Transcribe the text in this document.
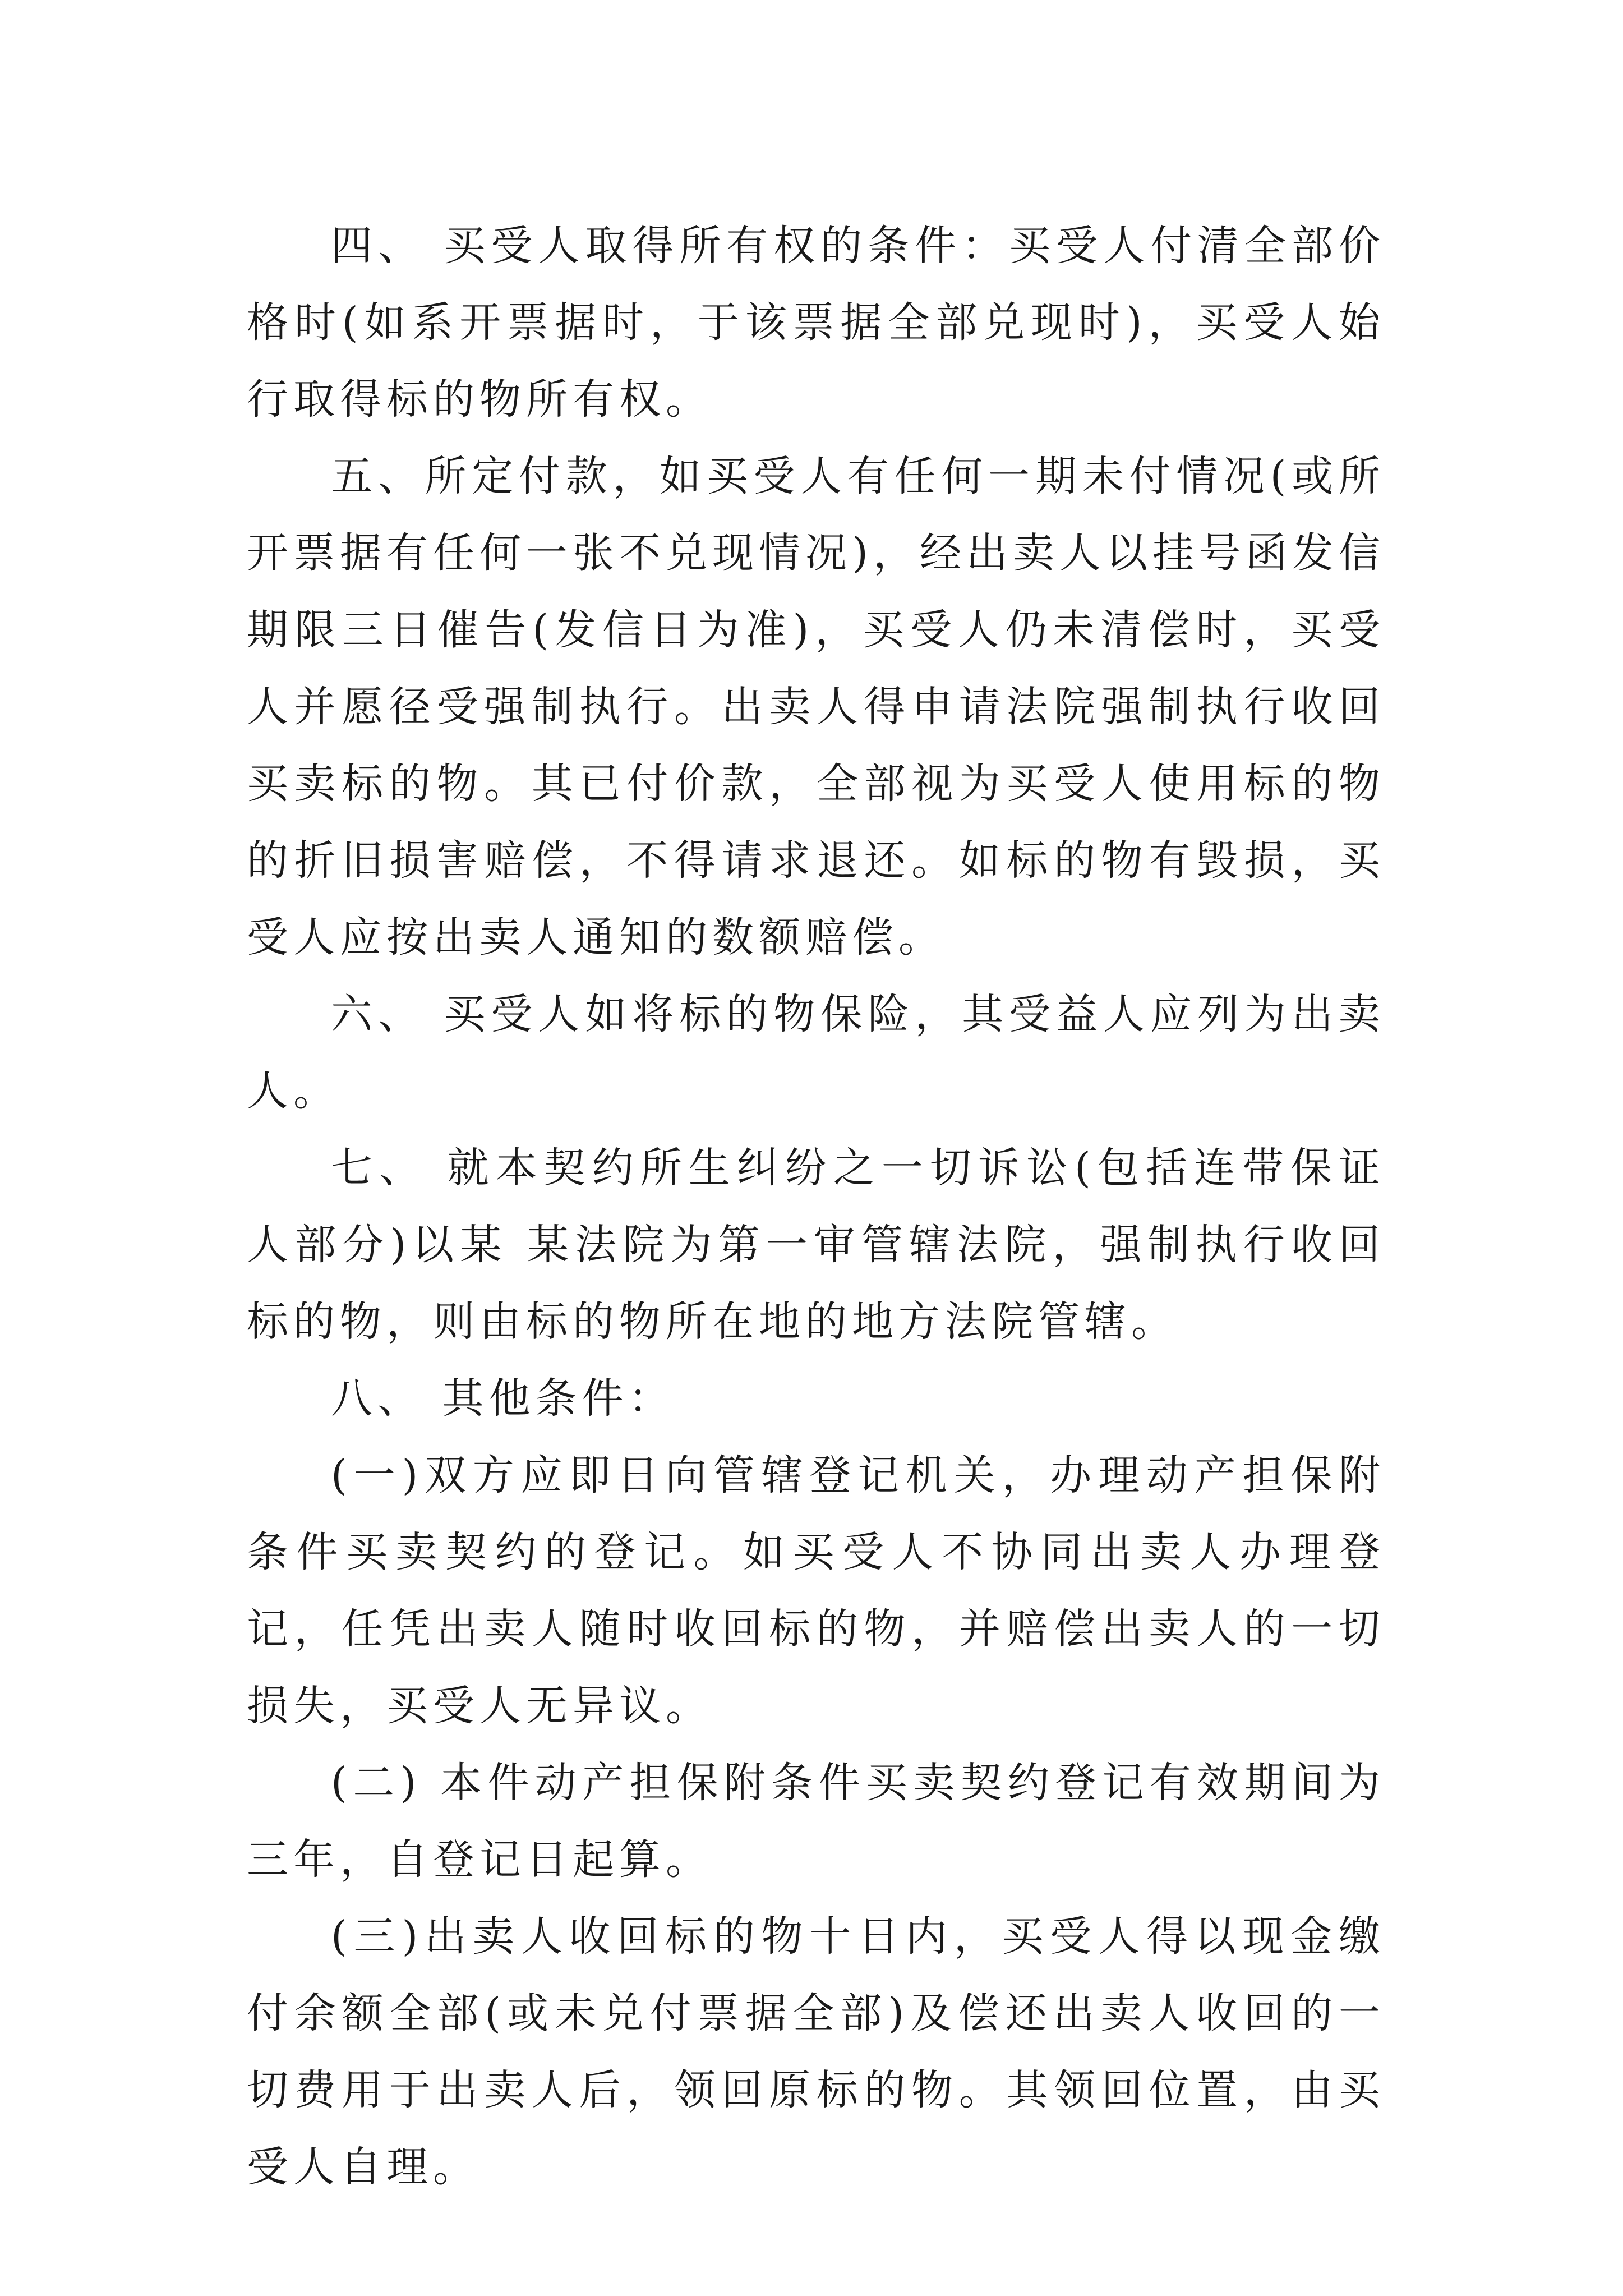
四、 买受人取得所有权的条件：买受人付清全部价格时(如系开票据时，于该票据全部兑现时)，买受人始行取得标的物所有权。

五、所定付款，如买受人有任何一期未付情况(或所开票据有任何一张不兑现情况)，经出卖人以挂号函发信期限三日催告(发信日为准)，买受人仍未清偿时，买受人并愿径受强制执行。出卖人得申请法院强制执行收回买卖标的物。其已付价款，全部视为买受人使用标的物的折旧损害赔偿，不得请求退还。如标的物有毁损，买受人应按出卖人通知的数额赔偿。

六、 买受人如将标的物保险，其受益人应列为出卖人。

七、 就本契约所生纠纷之一切诉讼(包括连带保证人部分)以某 某法院为第一审管辖法院，强制执行收回标的物，则由标的物所在地的地方法院管辖。

八、 其他条件：

(一)双方应即日向管辖登记机关，办理动产担保附条件买卖契约的登记。如买受人不协同出卖人办理登记，任凭出卖人随时收回标的物，并赔偿出卖人的一切损失，买受人无异议。

(二) 本件动产担保附条件买卖契约登记有效期间为三年，自登记日起算。

(三)出卖人收回标的物十日内，买受人得以现金缴付余额全部(或未兑付票据全部)及偿还出卖人收回的一切费用于出卖人后，领回原标的物。其领回位置，由买受人自理。
